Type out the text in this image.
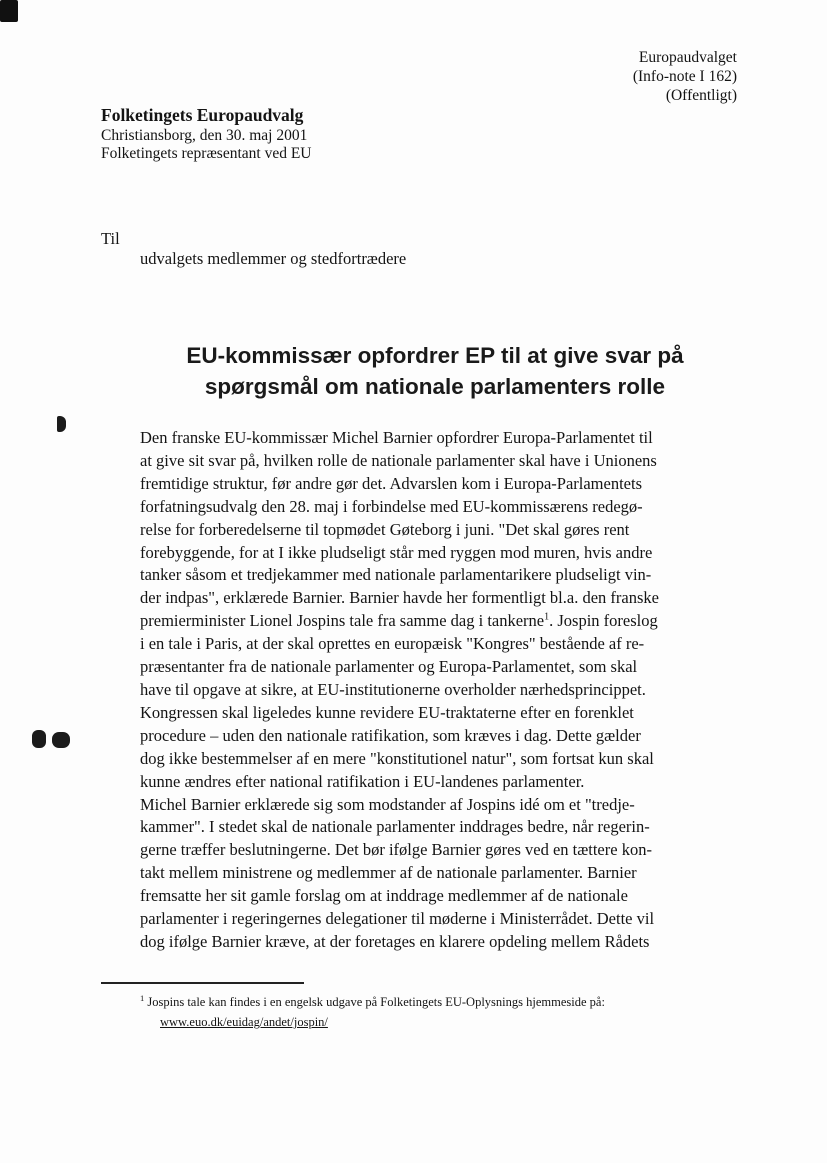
Europaudvalget
(Info-note I 162)
(Offentligt)
Folketingets Europaudvalg
Christiansborg, den 30. maj 2001
Folketingets repræsentant ved EU
Til
udvalgets medlemmer og stedfortrædere
EU-kommissær opfordrer EP til at give svar på
spørgsmål om nationale parlamenters rolle
Den franske EU-kommissær Michel Barnier opfordrer Europa-Parlamentet til
at give sit svar på, hvilken rolle de nationale parlamenter skal have i Unionens
fremtidige struktur, før andre gør det. Advarslen kom i Europa-Parlamentets
forfatningsudvalg den 28. maj i forbindelse med EU-kommissærens redegø-
relse for forberedelserne til topmødet Gøteborg i juni. "Det skal gøres rent
forebyggende, for at I ikke pludseligt står med ryggen mod muren, hvis andre
tanker såsom et tredjekammer med nationale parlamentarikere pludseligt vin-
der indpas", erklærede Barnier. Barnier havde her formentligt bl.a. den franske
premierminister Lionel Jospins tale fra samme dag i tankerne$^1$. Jospin foreslog
i en tale i Paris, at der skal oprettes en europæisk "Kongres" bestående af re-
præsentanter fra de nationale parlamenter og Europa-Parlamentet, som skal
have til opgave at sikre, at EU-institutionerne overholder nærhedsprincippet.
Kongressen skal ligeledes kunne revidere EU-traktaterne efter en forenklet
procedure – uden den nationale ratifikation, som kræves i dag. Dette gælder
dog ikke bestemmelser af en mere "konstitutionel natur", som fortsat kun skal
kunne ændres efter national ratifikation i EU-landenes parlamenter.
Michel Barnier erklærede sig som modstander af Jospins idé om et "tredje-
kammer". I stedet skal de nationale parlamenter inddrages bedre, når regerin-
gerne træffer beslutningerne. Det bør ifølge Barnier gøres ved en tættere kon-
takt mellem ministrene og medlemmer af de nationale parlamenter. Barnier
fremsatte her sit gamle forslag om at inddrage medlemmer af de nationale
parlamenter i regeringernes delegationer til møderne i Ministerrådet. Dette vil
dog ifølge Barnier kræve, at der foretages en klarere opdeling mellem Rådets
$^1$ Jospins tale kan findes i en engelsk udgave på Folketingets EU-Oplysnings hjemmeside på:
www.euo.dk/euidag/andet/jospin/
